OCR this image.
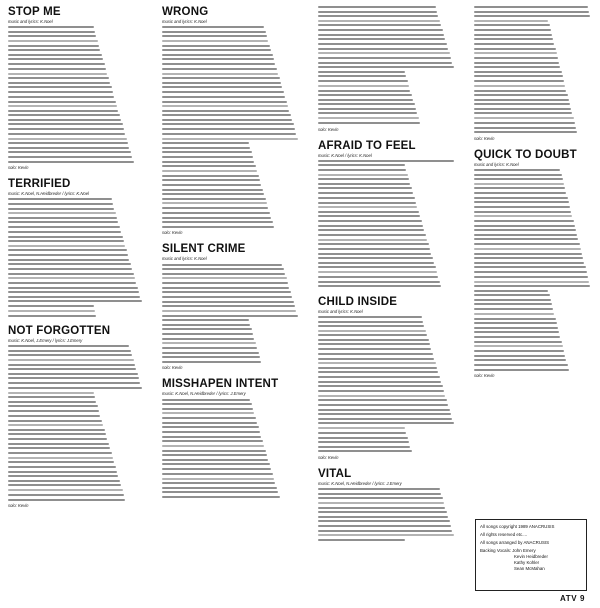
STOP ME
music and lyrics: K.Noel
solo: Kevin
TERRIFIED
music: K.Noel, N.Heidbreder / lyrics: K.Noel
NOT FORGOTTEN
music: K.Noel, J.Emery / lyrics: J.Emery
solo: Kevin
WRONG
music and lyrics: K.Noel
solo: Kevin
SILENT CRIME
music and lyrics: K.Noel
solo: Kevin
MISSHAPEN INTENT
music: K.Noel, N.Heidbreder / lyrics: J.Emery
solo: Kevin
AFRAID TO FEEL
music: K.Noel / lyrics: K.Noel
CHILD INSIDE
music and lyrics: K.Noel
solo: Kevin
VITAL
music: K.Noel, N.Heidbreder / lyrics: J.Emery
solo: Kevin
QUICK TO DOUBT
music and lyrics: K.Noel
solo: Kevin
All songs copyright 1989 ANACRUSIS
All rights reserved etc....
All songs arranged by ANACRUSIS
Backing Vocals: John Emery
Kevin Heidbreder
Kathy Kohler
Sean McMahan
ATV 9
